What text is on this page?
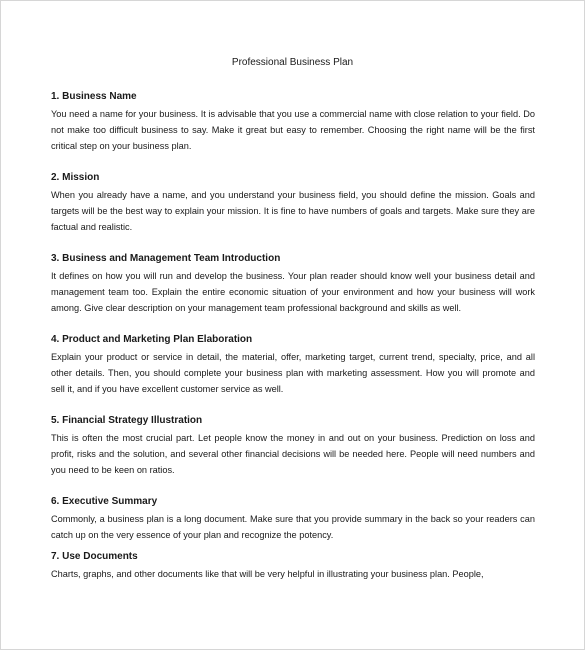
Professional Business Plan
1. Business Name

You need a name for your business. It is advisable that you use a commercial name with close relation to your field. Do not make too difficult business to say. Make it great but easy to remember. Choosing the right name will be the first critical step on your business plan.

2. Mission

When you already have a name, and you understand your business field, you should define the mission. Goals and targets will be the best way to explain your mission. It is fine to have numbers of goals and targets. Make sure they are factual and realistic.

3. Business and Management Team Introduction

It defines on how you will run and develop the business. Your plan reader should know well your business detail and management team too. Explain the entire economic situation of your environment and how your business will work among. Give clear description on your management team professional background and skills as well.

4. Product and Marketing Plan Elaboration

Explain your product or service in detail, the material, offer, marketing target, current trend, specialty, price, and all other details. Then, you should complete your business plan with marketing assessment. How you will promote and sell it, and if you have excellent customer service as well.

5. Financial Strategy Illustration

This is often the most crucial part. Let people know the money in and out on your business. Prediction on loss and profit, risks and the solution, and several other financial decisions will be needed here. People will need numbers and you need to be keen on ratios.

6. Executive Summary

Commonly, a business plan is a long document. Make sure that you provide summary in the back so your readers can catch up on the very essence of your plan and recognize the potency.

7. Use Documents

Charts, graphs, and other documents like that will be very helpful in illustrating your business plan. People,
